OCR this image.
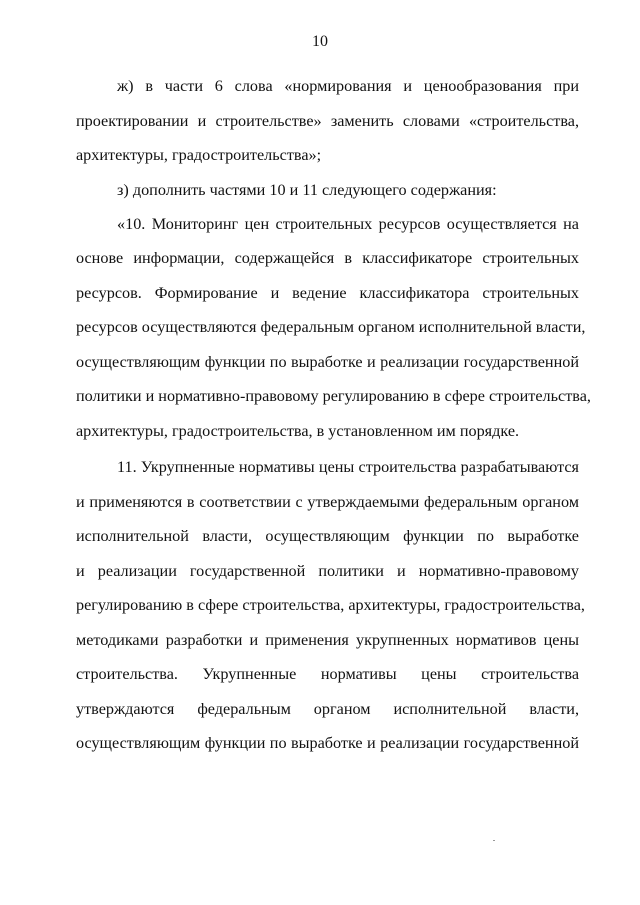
10
ж) в части 6 слова «нормирования и ценообразования при
проектировании и строительстве» заменить словами «строительства,
архитектуры, градостроительства»;
з) дополнить частями 10 и 11 следующего содержания:
«10. Мониторинг цен строительных ресурсов осуществляется на
основе информации, содержащейся в классификаторе строительных
ресурсов. Формирование и ведение классификатора строительных
ресурсов осуществляются федеральным органом исполнительной власти,
осуществляющим функции по выработке и реализации государственной
политики и нормативно-правовому регулированию в сфере строительства,
архитектуры, градостроительства, в установленном им порядке.
11. Укрупненные нормативы цены строительства разрабатываются
и применяются в соответствии с утверждаемыми федеральным органом
исполнительной власти, осуществляющим функции по выработке
и реализации государственной политики и нормативно-правовому
регулированию в сфере строительства, архитектуры, градостроительства,
методиками разработки и применения укрупненных нормативов цены
строительства. Укрупненные нормативы цены строительства
утверждаются федеральным органом исполнительной власти,
осуществляющим функции по выработке и реализации государственной
